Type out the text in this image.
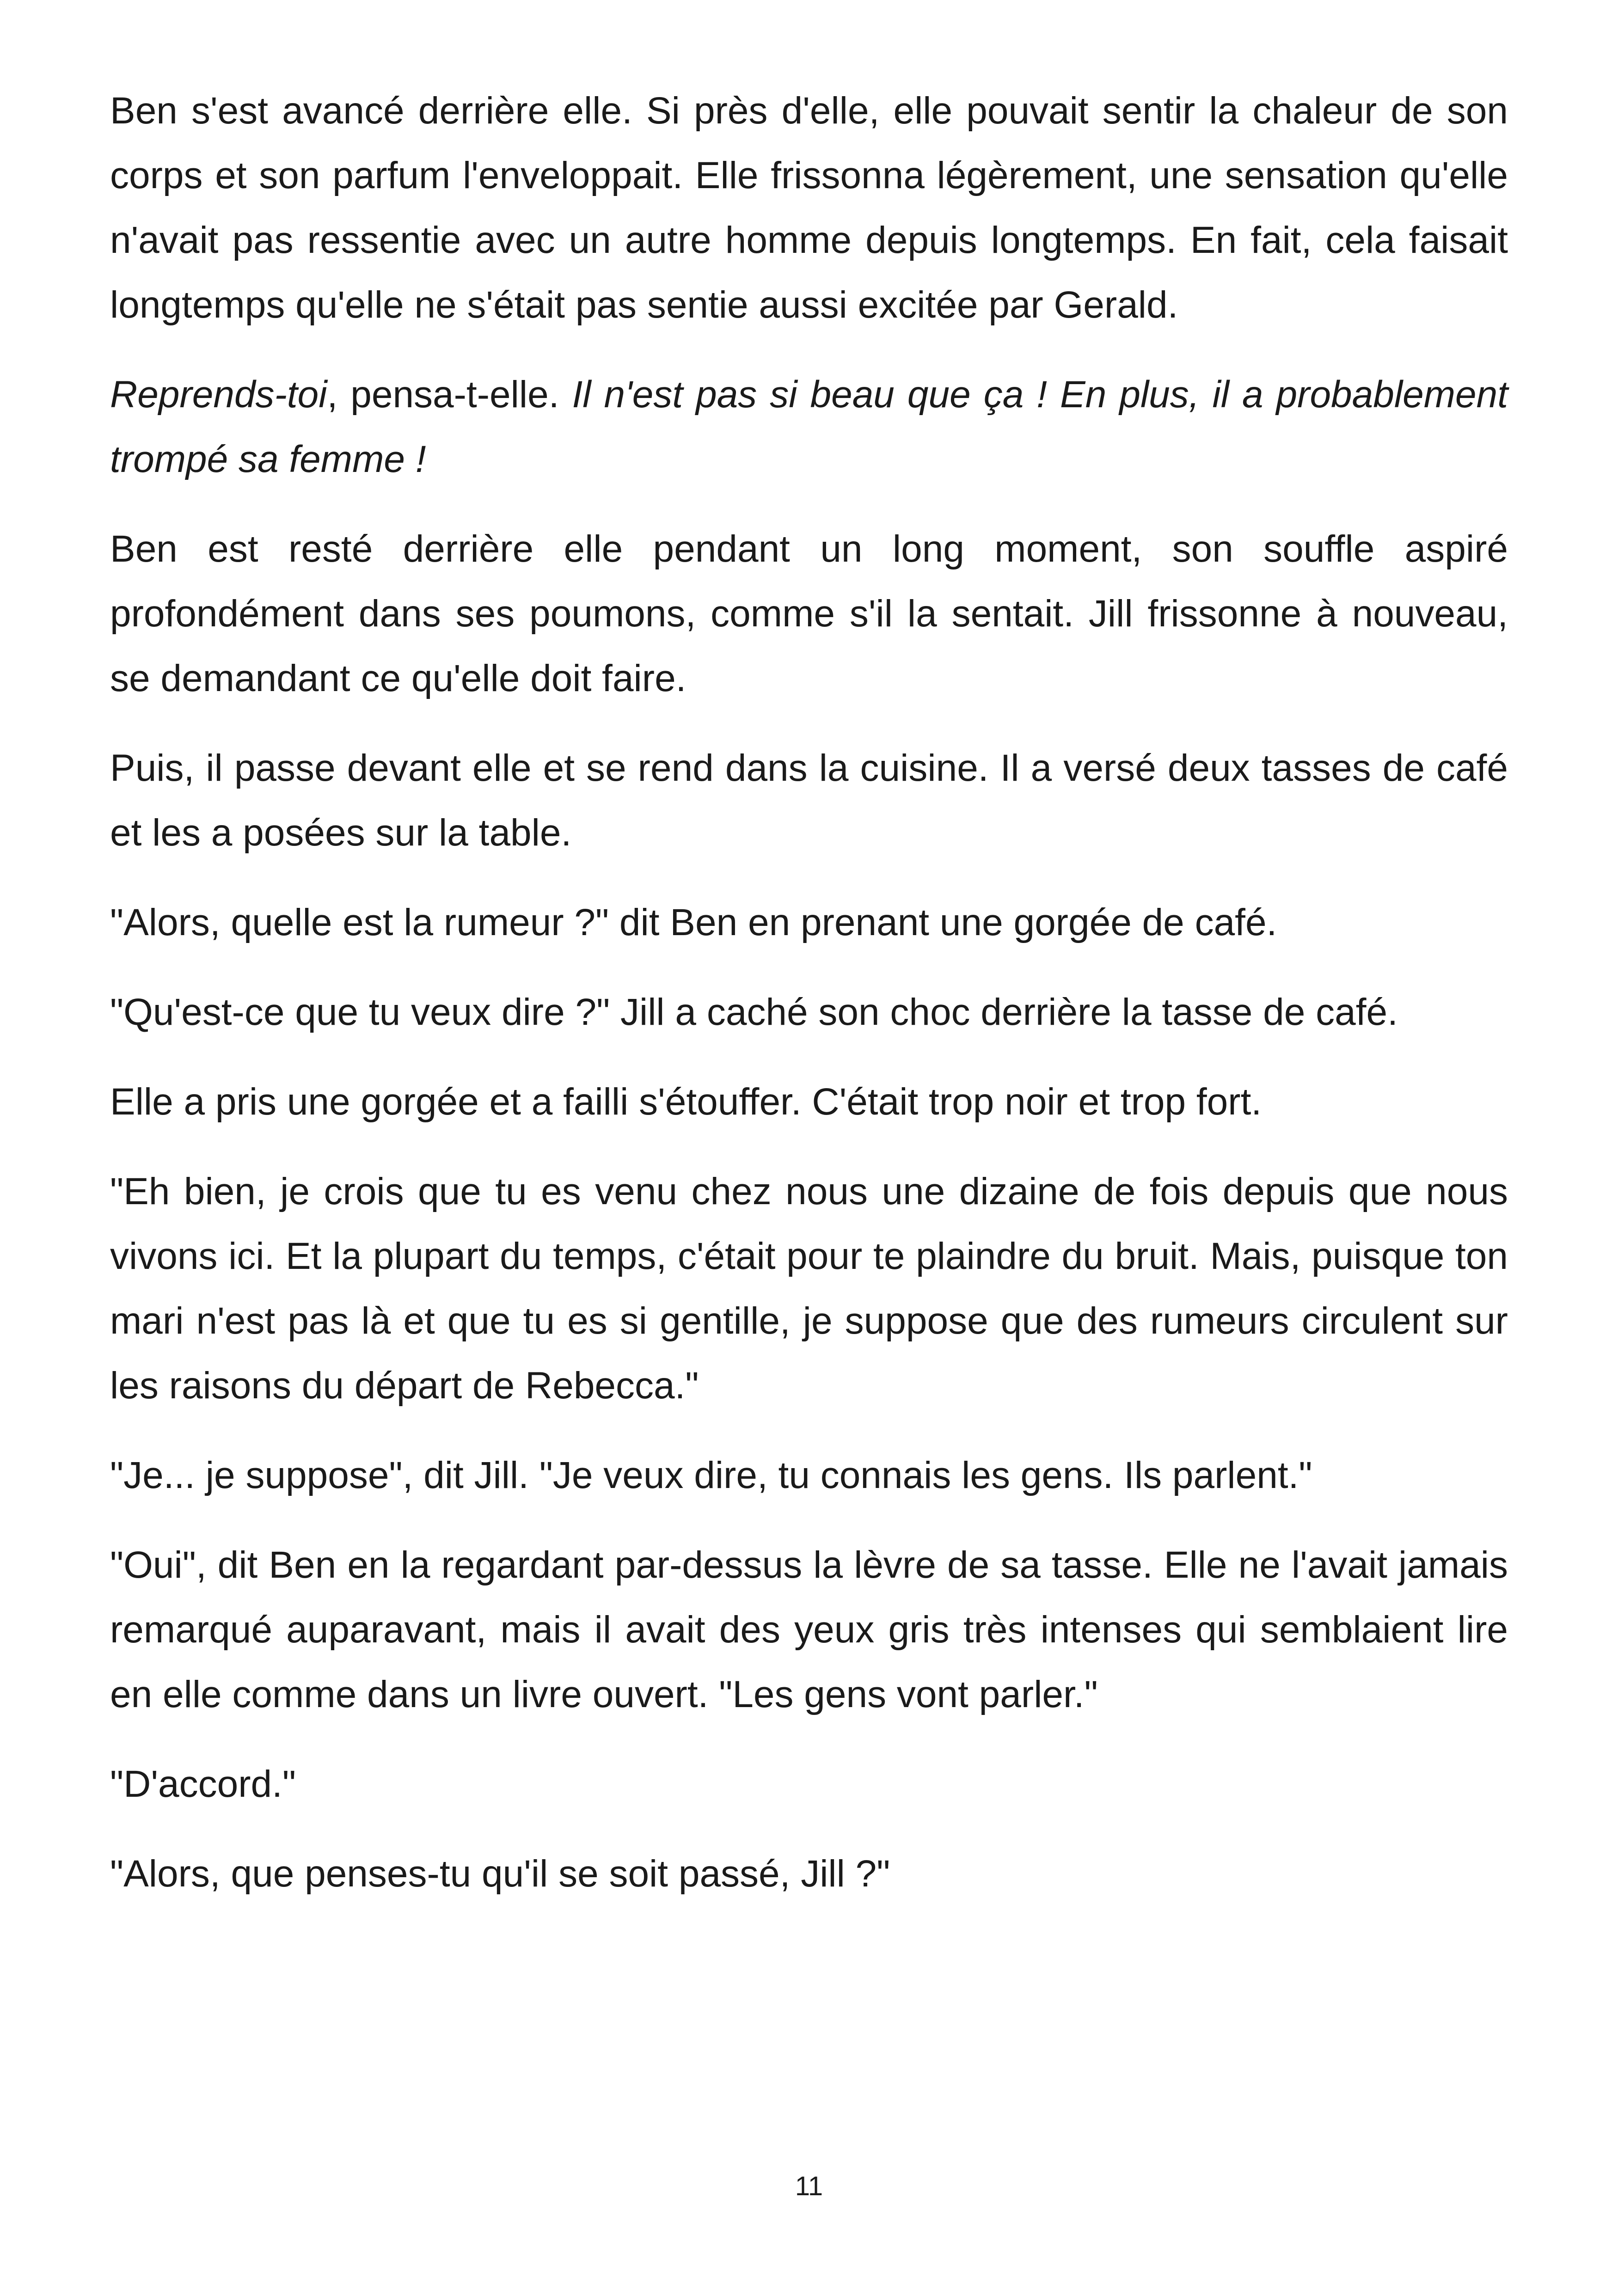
Ben s'est avancé derrière elle. Si près d'elle, elle pouvait sentir la chaleur de son corps et son parfum l'enveloppait. Elle frissonna légèrement, une sensation qu'elle n'avait pas ressentie avec un autre homme depuis longtemps. En fait, cela faisait longtemps qu'elle ne s'était pas sentie aussi excitée par Gerald.

Reprends-toi, pensa-t-elle. Il n'est pas si beau que ça ! En plus, il a probablement trompé sa femme !

Ben est resté derrière elle pendant un long moment, son souffle aspiré profondément dans ses poumons, comme s'il la sentait. Jill frissonne à nouveau, se demandant ce qu'elle doit faire.

Puis, il passe devant elle et se rend dans la cuisine. Il a versé deux tasses de café et les a posées sur la table.

"Alors, quelle est la rumeur ?" dit Ben en prenant une gorgée de café.

"Qu'est-ce que tu veux dire ?" Jill a caché son choc derrière la tasse de café.

Elle a pris une gorgée et a failli s'étouffer. C'était trop noir et trop fort.

"Eh bien, je crois que tu es venu chez nous une dizaine de fois depuis que nous vivons ici. Et la plupart du temps, c'était pour te plaindre du bruit. Mais, puisque ton mari n'est pas là et que tu es si gentille, je suppose que des rumeurs circulent sur les raisons du départ de Rebecca."

"Je... je suppose", dit Jill. "Je veux dire, tu connais les gens. Ils parlent."

"Oui", dit Ben en la regardant par-dessus la lèvre de sa tasse. Elle ne l'avait jamais remarqué auparavant, mais il avait des yeux gris très intenses qui semblaient lire en elle comme dans un livre ouvert. "Les gens vont parler."

"D'accord."

"Alors, que penses-tu qu'il se soit passé, Jill ?"

11
